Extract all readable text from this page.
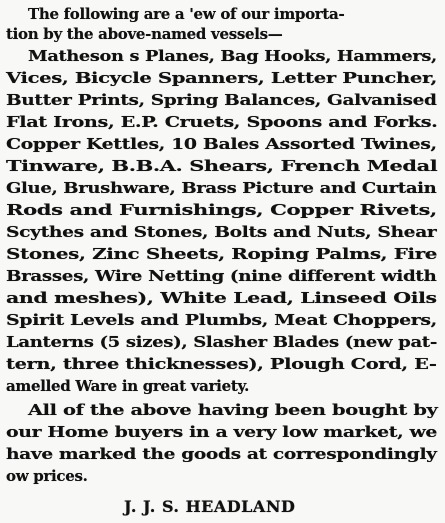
The following are a 'ew of our importa-
tion by the above-named vessels—
Matheson s Planes, Bag Hooks, Hammers,
Vices, Bicycle Spanners, Letter Puncher,
Butter Prints, Spring Balances, Galvanised
Flat Irons, E.P. Cruets, Spoons and Forks.
Copper Kettles, 10 Bales Assorted Twines,
Tinware, B.B.A. Shears, French Medal
Glue, Brushware, Brass Picture and Curtain
Rods and Furnishings, Copper Rivets,
Scythes and Stones, Bolts and Nuts, Shear
Stones, Zinc Sheets, Roping Palms, Fire
Brasses, Wire Netting (nine different width
and meshes), White Lead, Linseed Oils
Spirit Levels and Plumbs, Meat Choppers,
Lanterns (5 sizes), Slasher Blades (new pat-
tern, three thicknesses), Plough Cord, E-
amelled Ware in great variety.
All of the above having been bought by
our Home buyers in a very low market, we
have marked the goods at correspondingly
ow prices.
J. J. S. HEADLAND
